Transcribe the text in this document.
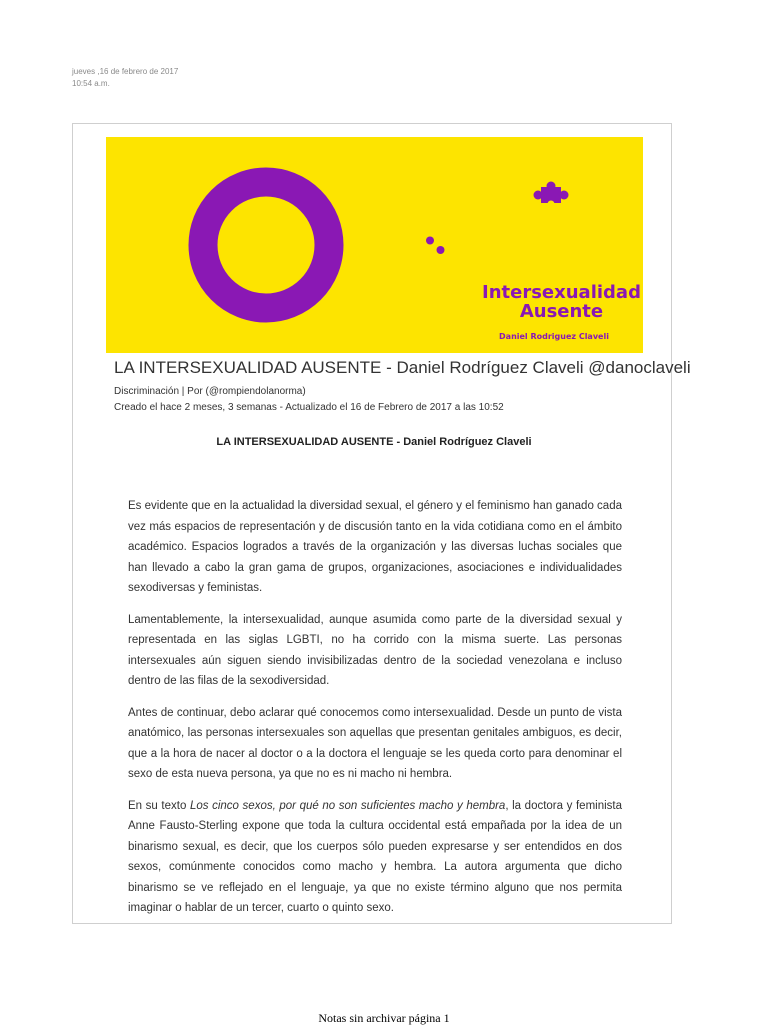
jueves ,16 de febrero de 2017
10:54 a.m.
Intersexualidad
Ausente
Daniel Rodriguez Claveli
LA INTERSEXUALIDAD AUSENTE - Daniel Rodríguez Claveli @danoclaveli
Discriminación | Por (@rompiendolanorma)
Creado el hace 2 meses, 3 semanas - Actualizado el 16 de Febrero de 2017 a las 10:52
LA INTERSEXUALIDAD AUSENTE - Daniel Rodríguez Claveli

Es evidente que en la actualidad la diversidad sexual, el género y el feminismo han ganado cada vez más espacios de representación y de discusión tanto en la vida cotidiana como en el ámbito académico. Espacios logrados a través de la organización y las diversas luchas sociales que han llevado a cabo la gran gama de grupos, organizaciones, asociaciones e individualidades sexodiversas y feministas.

Lamentablemente, la intersexualidad, aunque asumida como parte de la diversidad sexual y representada en las siglas LGBTI, no ha corrido con la misma suerte. Las personas intersexuales aún siguen siendo invisibilizadas dentro de la sociedad venezolana e incluso dentro de las filas de la sexodiversidad.

Antes de continuar, debo aclarar qué conocemos como intersexualidad. Desde un punto de vista anatómico, las personas intersexuales son aquellas que presentan genitales ambiguos, es decir, que a la hora de nacer al doctor o a la doctora el lenguaje se les queda corto para denominar el sexo de esta nueva persona, ya que no es ni macho ni hembra.

En su texto Los cinco sexos, por qué no son suficientes macho y hembra, la doctora y feminista Anne Fausto-Sterling expone que toda la cultura occidental está empañada por la idea de un binarismo sexual, es decir, que los cuerpos sólo pueden expresarse y ser entendidos en dos sexos, comúnmente conocidos como macho y hembra. La autora argumenta que dicho binarismo se ve reflejado en el lenguaje, ya que no existe término alguno que nos permita imaginar o hablar de un tercer, cuarto o quinto sexo.

Notas sin archivar página 1
